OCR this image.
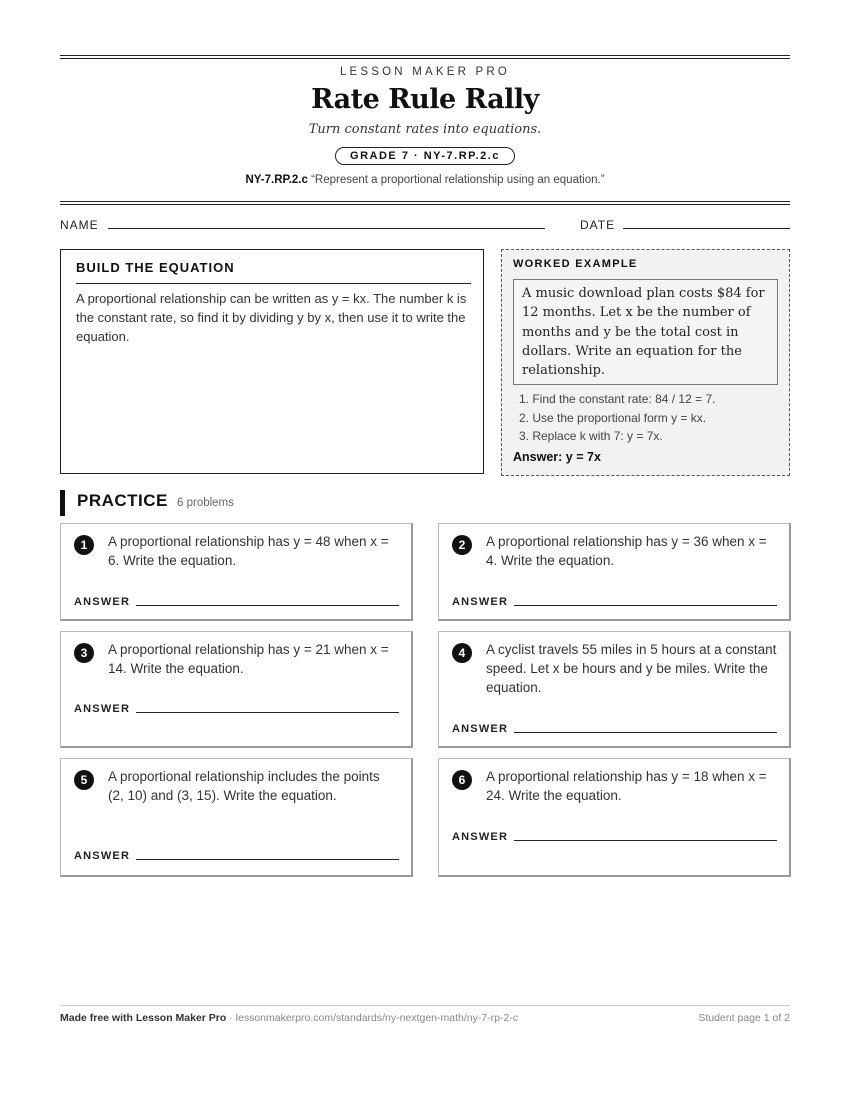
LESSON MAKER PRO
Rate Rule Rally
Turn constant rates into equations.
GRADE 7 · NY-7.RP.2.c
NY-7.RP.2.c “Represent a proportional relationship using an equation.”
NAME	DATE
BUILD THE EQUATION
A proportional relationship can be written as y = kx. The number k is the constant rate, so find it by dividing y by x, then use it to write the equation.
WORKED EXAMPLE
A music download plan costs $84 for 12 months. Let x be the number of months and y be the total cost in dollars. Write an equation for the relationship.
1. Find the constant rate: 84 / 12 = 7.
2. Use the proportional form y = kx.
3. Replace k with 7: y = 7x.
Answer: y = 7x
PRACTICE 6 problems
1	A proportional relationship has y = 48 when x = 6. Write the equation.
ANSWER
2	A proportional relationship has y = 36 when x = 4. Write the equation.
ANSWER
3	A proportional relationship has y = 21 when x = 14. Write the equation.
ANSWER
4	A cyclist travels 55 miles in 5 hours at a constant speed. Let x be hours and y be miles. Write the equation.
ANSWER
5	A proportional relationship includes the points (2, 10) and (3, 15). Write the equation.
ANSWER
6	A proportional relationship has y = 18 when x = 24. Write the equation.
ANSWER
Made free with Lesson Maker Pro · lessonmakerpro.com/standards/ny-nextgen-math/ny-7-rp-2-c	Student page 1 of 2
